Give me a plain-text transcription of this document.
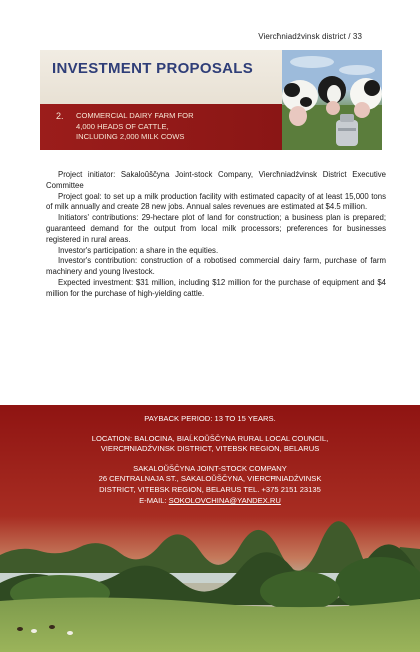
Viercħniadźvinsk district / 33
INVESTMENT PROPOSALS
2. COMMERCIAL DAIRY FARM FOR
4,000 HEADS OF CATTLE,
INCLUDING 2,000 MILK COWS

Project initiator: Sakaloŭščyna Joint-stock Company, Viercħniadźvinsk District Executive Committee

Project goal: to set up a milk production facility with estimated capacity of at least 15,000 tons of milk annually and create 28 new jobs. Annual sales revenues are estimated at $4.5 million.

Initiators' contributions: 29-hectare plot of land for construction; a business plan is prepared; guaranteed demand for the output from local milk processors; preferences for businesses registered in rural areas.

Investor's participation: a share in the equities.

Investor's contribution: construction of a robotised commercial dairy farm, purchase of farm machinery and young livestock.

Expected investment: $31 million, including $12 million for the purchase of equipment and $4 million for the purchase of high-yielding cattle.

PAYBACK PERIOD: 13 TO 15 YEARS.
LOCATION: BALOCINA, BIAĹKOŬŠČYNA RURAL LOCAL COUNCIL,
VIERCĦNIADŹVINSK DISTRICT, VITEBSK REGION, BELARUS
SAKALOŬŠČYNA JOINT-STOCK COMPANY
26 CENTRALNAJA ST., SAKALOŬŠČYNA, VIERCĦNIADŹVINSK
DISTRICT, VITEBSK REGION, BELARUS TEL. +375 2151 23135
E-MAIL: SOKOLOVCHINA@YANDEX.RU
